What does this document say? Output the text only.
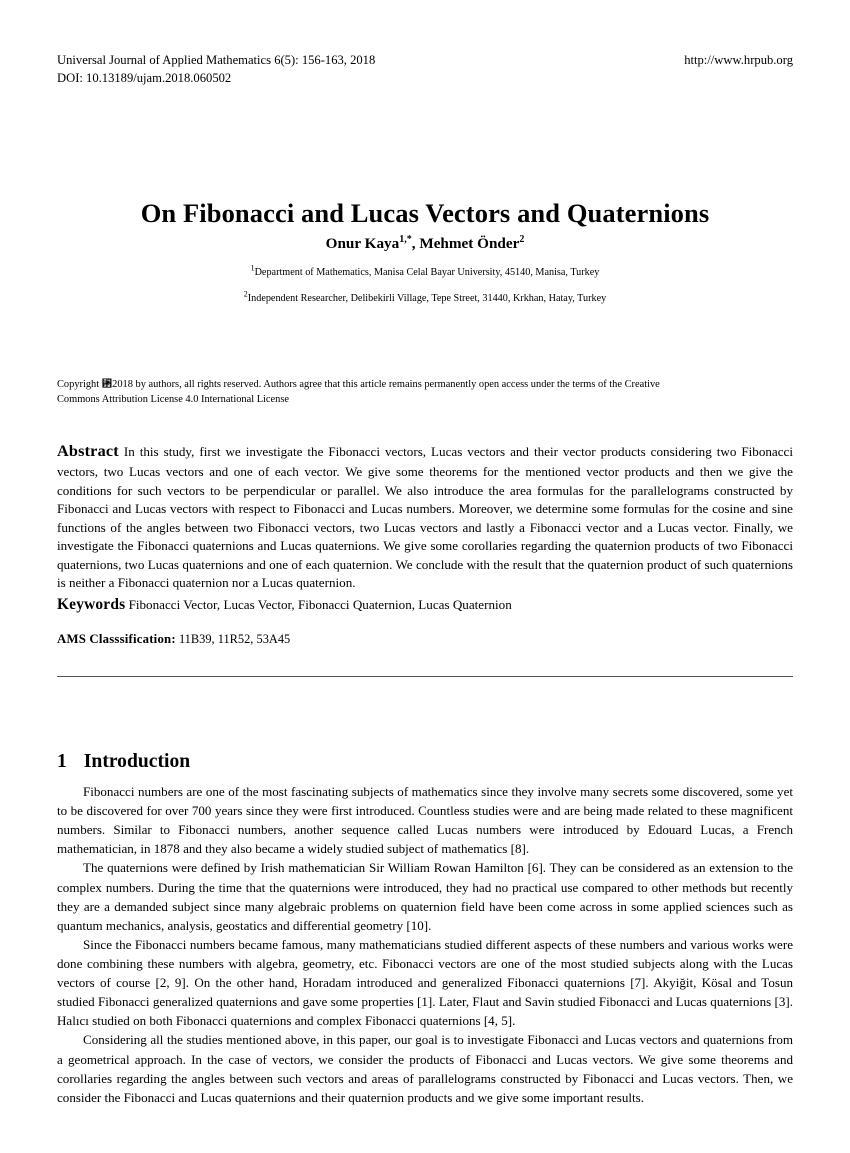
Universal Journal of Applied Mathematics 6(5): 156-163, 2018	http://www.hrpub.org
DOI: 10.13189/ujam.2018.060502
On Fibonacci and Lucas Vectors and Quaternions
Onur Kaya$^{1,*}$, Mehmet Önder$^2$
$^1$Department of Mathematics, Manisa Celal Bayar University, 45140, Manisa, Turkey
$^2$Independent Researcher, Delibekirli Village, Tepe Street, 31440, Krkhan, Hatay, Turkey
Copyright ␲2018 by authors, all rights reserved. Authors agree that this article remains permanently open access under the terms of the Creative Commons Attribution License 4.0 International License
Abstract In this study, first we investigate the Fibonacci vectors, Lucas vectors and their vector products considering two Fibonacci vectors, two Lucas vectors and one of each vector. We give some theorems for the mentioned vector products and then we give the conditions for such vectors to be perpendicular or parallel. We also introduce the area formulas for the parallelograms constructed by Fibonacci and Lucas vectors with respect to Fibonacci and Lucas numbers. Moreover, we determine some formulas for the cosine and sine functions of the angles between two Fibonacci vectors, two Lucas vectors and lastly a Fibonacci vector and a Lucas vector. Finally, we investigate the Fibonacci quaternions and Lucas quaternions. We give some corollaries regarding the quaternion products of two Fibonacci quaternions, two Lucas quaternions and one of each quaternion. We conclude with the result that the quaternion product of such quaternions is neither a Fibonacci quaternion nor a Lucas quaternion.
Keywords Fibonacci Vector, Lucas Vector, Fibonacci Quaternion, Lucas Quaternion
AMS Classsification: 11B39, 11R52, 53A45
1 Introduction

Fibonacci numbers are one of the most fascinating subjects of mathematics since they involve many secrets some discovered, some yet to be discovered for over 700 years since they were first introduced. Countless studies were and are being made related to these magnificent numbers. Similar to Fibonacci numbers, another sequence called Lucas numbers were introduced by Edouard Lucas, a French mathematician, in 1878 and they also became a widely studied subject of mathematics [8].

The quaternions were defined by Irish mathematician Sir William Rowan Hamilton [6]. They can be considered as an extension to the complex numbers. During the time that the quaternions were introduced, they had no practical use compared to other methods but recently they are a demanded subject since many algebraic problems on quaternion field have been come across in some applied sciences such as quantum mechanics, analysis, geostatics and differential geometry [10].

Since the Fibonacci numbers became famous, many mathematicians studied different aspects of these numbers and various works were done combining these numbers with algebra, geometry, etc. Fibonacci vectors are one of the most studied subjects along with the Lucas vectors of course [2, 9]. On the other hand, Horadam introduced and generalized Fibonacci quaternions [7]. Akyiğit, Kösal and Tosun studied Fibonacci generalized quaternions and gave some properties [1]. Later, Flaut and Savin studied Fibonacci and Lucas quaternions [3]. Halıcı studied on both Fibonacci quaternions and complex Fibonacci quaternions [4, 5].

Considering all the studies mentioned above, in this paper, our goal is to investigate Fibonacci and Lucas vectors and quaternions from a geometrical approach. In the case of vectors, we consider the products of Fibonacci and Lucas vectors. We give some theorems and corollaries regarding the angles between such vectors and areas of parallelograms constructed by Fibonacci and Lucas vectors. Then, we consider the Fibonacci and Lucas quaternions and their quaternion products and we give some important results.
